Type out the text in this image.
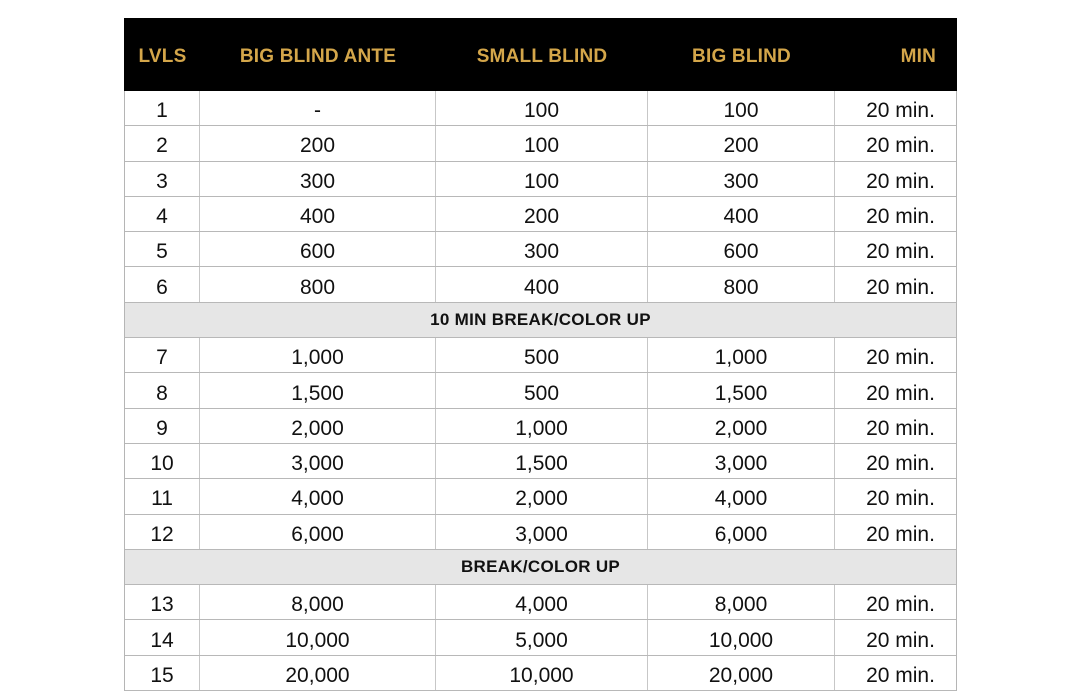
LVLS	BIG BLIND ANTE	SMALL BLIND	BIG BLIND	MIN
1	-	100	100	20 min.
2	200	100	200	20 min.
3	300	100	300	20 min.
4	400	200	400	20 min.
5	600	300	600	20 min.
6	800	400	800	20 min.
10 MIN BREAK/COLOR UP
7	1,000	500	1,000	20 min.
8	1,500	500	1,500	20 min.
9	2,000	1,000	2,000	20 min.
10	3,000	1,500	3,000	20 min.
11	4,000	2,000	4,000	20 min.
12	6,000	3,000	6,000	20 min.
BREAK/COLOR UP
13	8,000	4,000	8,000	20 min.
14	10,000	5,000	10,000	20 min.
15	20,000	10,000	20,000	20 min.
